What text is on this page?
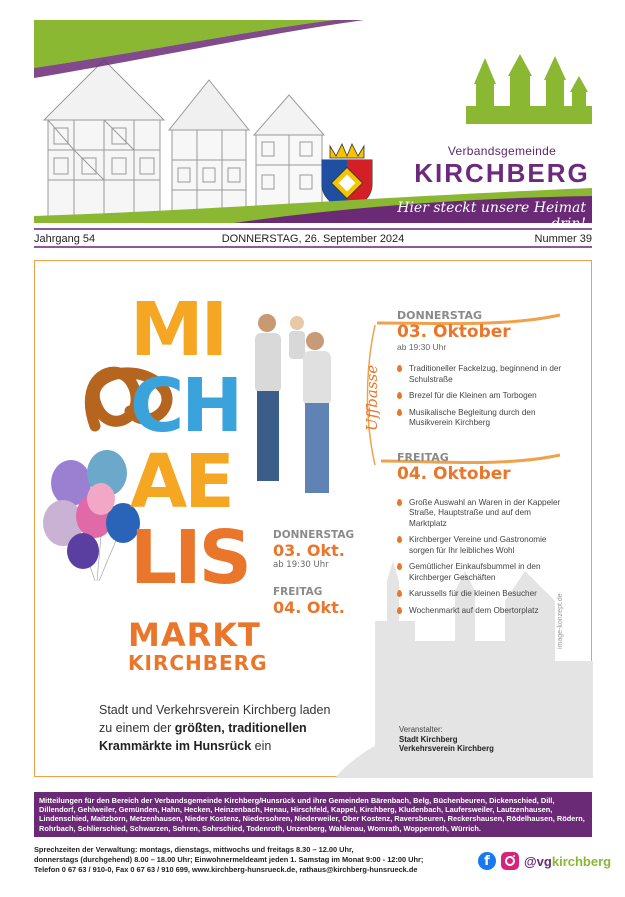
Verbandsgemeinde
KIRCHBERG
Hier steckt unsere Heimat drin!
Jahrgang 54	DONNERSTAG, 26. September 2024	Nummer 39
MI
CH
AE
LIS
MARKT
KIRCHBERG
DONNERSTAG
03. Okt.
ab 19:30 Uhr
FREITAG
04. Okt.
Stadt und Verkehrsverein Kirchberg laden
zu einem der größten, traditionellen
Krammärkte im Hunsrück ein
Uffbasse
DONNERSTAG
03. Oktober
ab 19:30 Uhr
Traditioneller Fackelzug, beginnend in der Schulstraße
Brezel für die Kleinen am Torbogen
Musikalische Begleitung durch den Musikverein Kirchberg
FREITAG
04. Oktober
Große Auswahl an Waren in der Kappeler Straße, Hauptstraße und auf dem Marktplatz
Kirchberger Vereine und Gastronomie sorgen für Ihr leibliches Wohl
Gemütlicher Einkaufsbummel in den Kirchberger Geschäften
Karussells für die kleinen Besucher
Wochenmarkt auf dem Obertorplatz	image-konzept.de
Veranstalter:
Stadt Kirchberg
Verkehrsverein Kirchberg
Mitteilungen für den Bereich der Verbandsgemeinde Kirchberg/Hunsrück und ihre Gemeinden Bärenbach, Belg, Büchenbeuren, Dickenschied, Dill, Dillendorf, Gehlweiler, Gemünden, Hahn, Hecken, Heinzenbach, Henau, Hirschfeld, Kappel, Kirchberg, Kludenbach, Laufersweiler, Lautzenhausen, Lindenschied, Maitzborn, Metzenhausen, Nieder Kostenz, Niedersohren, Niederweiler, Ober Kostenz, Raversbeuren, Reckershausen, Rödelhausen, Rödern, Rohrbach, Schlierschied, Schwarzen, Sohren, Sohrschied, Todenroth, Unzenberg, Wahlenau, Womrath, Woppenroth, Würrich.
Sprechzeiten der Verwaltung: montags, dienstags, mittwochs und freitags 8.30 – 12.00 Uhr,
donnerstags (durchgehend) 8.00 – 18.00 Uhr; Einwohnermeldeamt jeden 1. Samstag im Monat 9:00 - 12:00 Uhr;
Telefon 0 67 63 / 910-0, Fax 0 67 63 / 910 699, www.kirchberg-hunsrueck.de, rathaus@kirchberg-hunsrueck.de
f	@vgkirchberg
